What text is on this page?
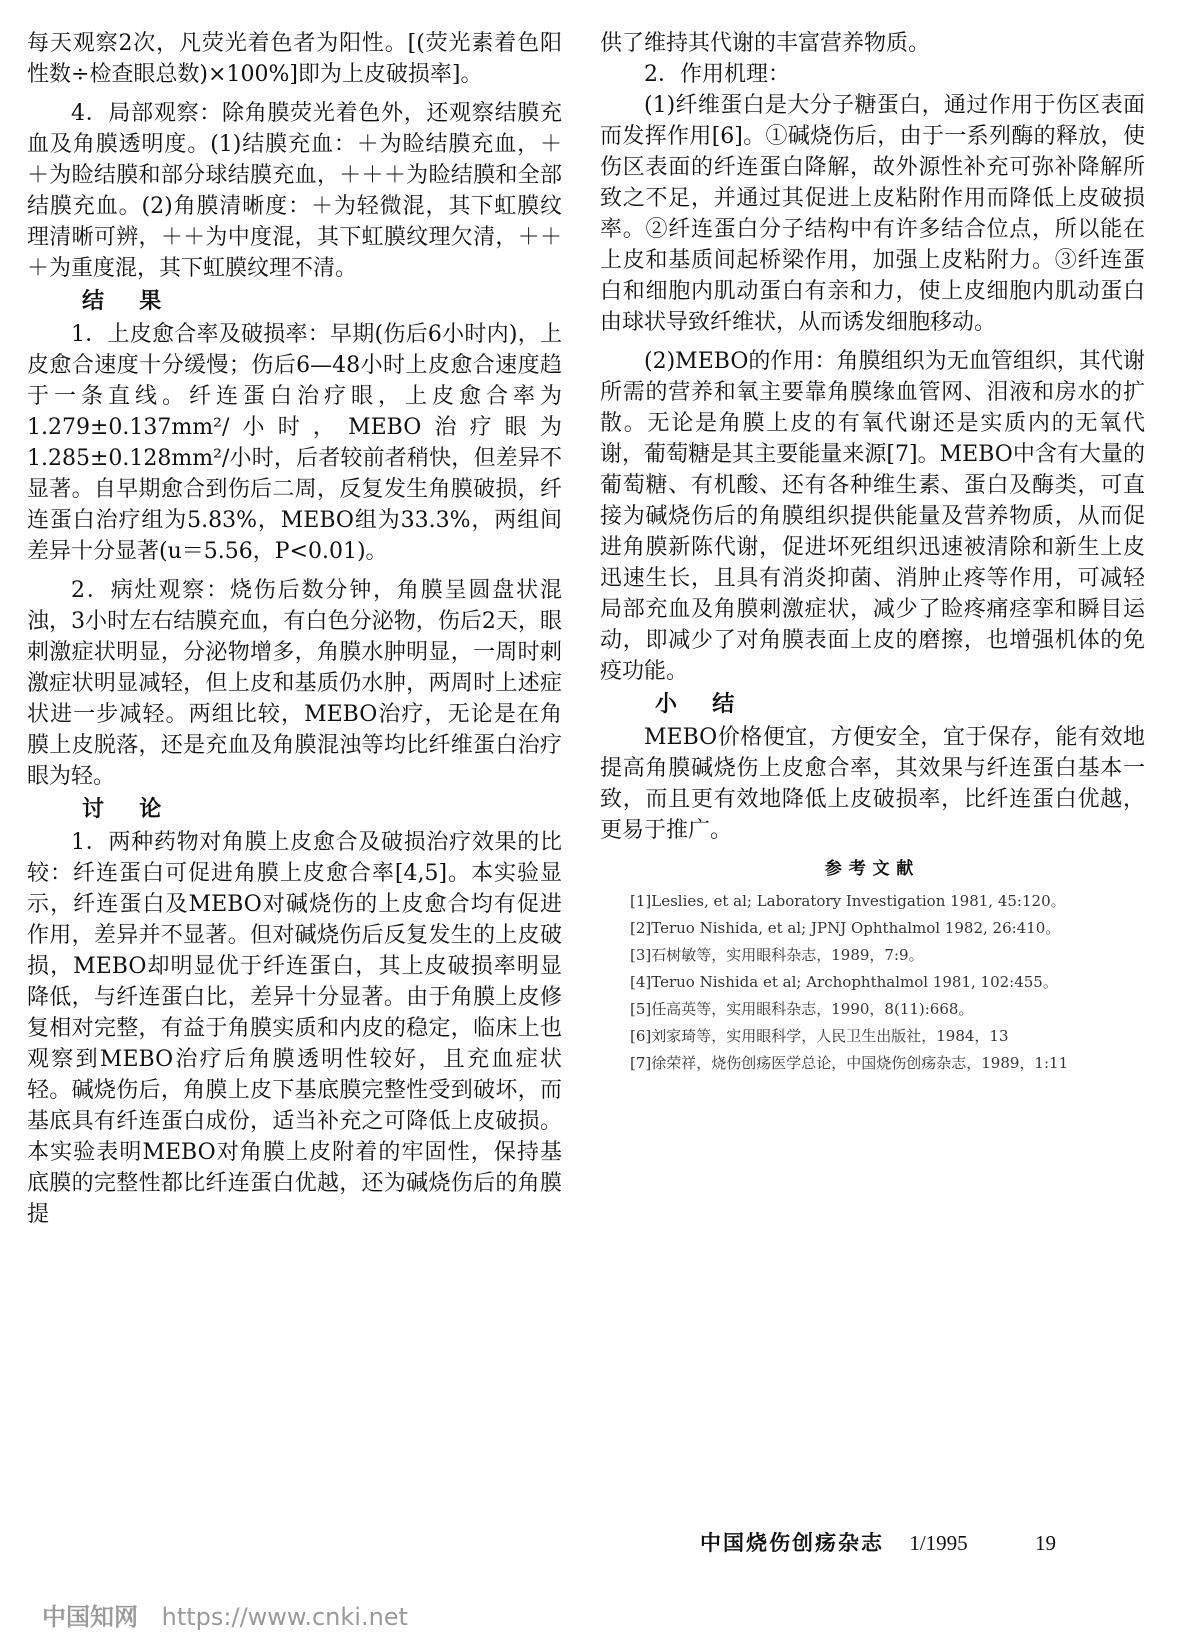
每天观察2次，凡荧光着色者为阳性。[(荧光素着色阳性数÷检查眼总数)×100%]即为上皮破损率]。

4．局部观察：除角膜荧光着色外，还观察结膜充血及角膜透明度。(1)结膜充血：＋为睑结膜充血，＋＋为睑结膜和部分球结膜充血，＋＋＋为睑结膜和全部结膜充血。(2)角膜清晰度：＋为轻微混，其下虹膜纹理清晰可辨，＋＋为中度混，其下虹膜纹理欠清，＋＋＋为重度混，其下虹膜纹理不清。

结果

1．上皮愈合率及破损率：早期(伤后6小时内)，上皮愈合速度十分缓慢；伤后6—48小时上皮愈合速度趋于一条直线。纤连蛋白治疗眼，上皮愈合率为1.279±0.137mm²/小时，MEBO治疗眼为1.285±0.128mm²/小时，后者较前者稍快，但差异不显著。自早期愈合到伤后二周，反复发生角膜破损，纤连蛋白治疗组为5.83%，MEBO组为33.3%，两组间差异十分显著(u＝5.56，P<0.01)。

2．病灶观察：烧伤后数分钟，角膜呈圆盘状混浊，3小时左右结膜充血，有白色分泌物，伤后2天，眼刺激症状明显，分泌物增多，角膜水肿明显，一周时刺激症状明显减轻，但上皮和基质仍水肿，两周时上述症状进一步减轻。两组比较，MEBO治疗，无论是在角膜上皮脱落，还是充血及角膜混浊等均比纤维蛋白治疗眼为轻。

讨论

1．两种药物对角膜上皮愈合及破损治疗效果的比较：纤连蛋白可促进角膜上皮愈合率[4,5]。本实验显示，纤连蛋白及MEBO对碱烧伤的上皮愈合均有促进作用，差异并不显著。但对碱烧伤后反复发生的上皮破损，MEBO却明显优于纤连蛋白，其上皮破损率明显降低，与纤连蛋白比，差异十分显著。由于角膜上皮修复相对完整，有益于角膜实质和内皮的稳定，临床上也观察到MEBO治疗后角膜透明性较好，且充血症状轻。碱烧伤后，角膜上皮下基底膜完整性受到破坏，而基底具有纤连蛋白成份，适当补充之可降低上皮破损。本实验表明MEBO对角膜上皮附着的牢固性，保持基底膜的完整性都比纤连蛋白优越，还为碱烧伤后的角膜提

供了维持其代谢的丰富营养物质。

2．作用机理：

(1)纤维蛋白是大分子糖蛋白，通过作用于伤区表面而发挥作用[6]。①碱烧伤后，由于一系列酶的释放，使伤区表面的纤连蛋白降解，故外源性补充可弥补降解所致之不足，并通过其促进上皮粘附作用而降低上皮破损率。②纤连蛋白分子结构中有许多结合位点，所以能在上皮和基质间起桥梁作用，加强上皮粘附力。③纤连蛋白和细胞内肌动蛋白有亲和力，使上皮细胞内肌动蛋白由球状导致纤维状，从而诱发细胞移动。

(2)MEBO的作用：角膜组织为无血管组织，其代谢所需的营养和氧主要靠角膜缘血管网、泪液和房水的扩散。无论是角膜上皮的有氧代谢还是实质内的无氧代谢，葡萄糖是其主要能量来源[7]。MEBO中含有大量的葡萄糖、有机酸、还有各种维生素、蛋白及酶类，可直接为碱烧伤后的角膜组织提供能量及营养物质，从而促进角膜新陈代谢，促进坏死组织迅速被清除和新生上皮迅速生长，且具有消炎抑菌、消肿止疼等作用，可减轻局部充血及角膜刺激症状，减少了睑疼痛痉挛和瞬目运动，即减少了对角膜表面上皮的磨擦，也增强机体的免疫功能。

小结

MEBO价格便宜，方便安全，宜于保存，能有效地提高角膜碱烧伤上皮愈合率，其效果与纤连蛋白基本一致，而且更有效地降低上皮破损率，比纤连蛋白优越，更易于推广。

参考文献
[1]Leslies, et al; Laboratory Investigation 1981, 45:120。
[2]Teruo Nishida, et al; JPNJ Ophthalmol 1982, 26:410。
[3]石树敏等，实用眼科杂志，1989，7:9。
[4]Teruo Nishida et al; Archophthalmol 1981, 102:455。
[5]任高英等，实用眼科杂志，1990，8(11):668。
[6]刘家琦等，实用眼科学，人民卫生出版社，1984，13
[7]徐荣祥，烧伤创疡医学总论，中国烧伤创疡杂志，1989，1:11
中国烧伤创疡杂志 1/1995	19
中国知网 https://www.cnki.net
